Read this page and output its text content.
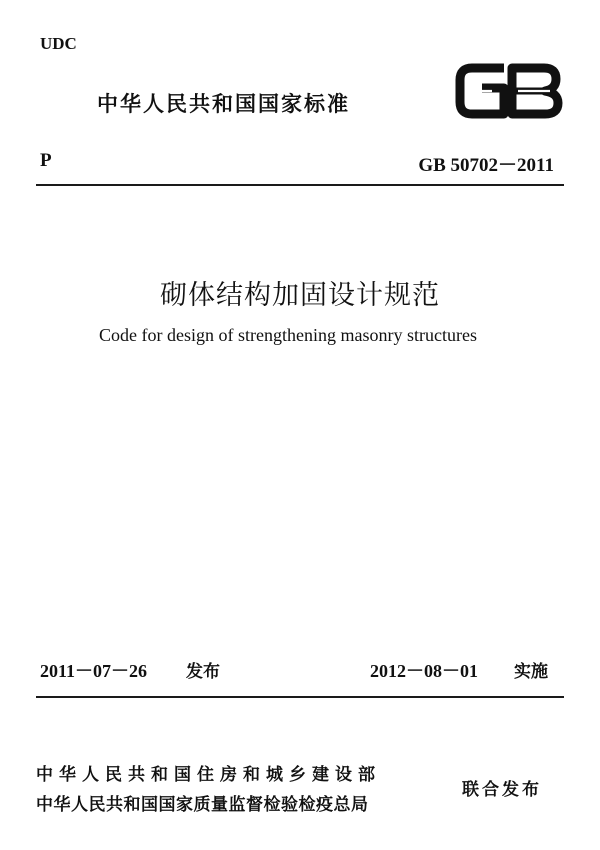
UDC
中华人民共和国国家标准
P	GB 50702－2011
砌体结构加固设计规范
Code for design of strengthening masonry structures
2011－07－26 发布	2012－08－01 实施
中华人民共和国住房和城乡建设部
中华人民共和国国家质量监督检验检疫总局
联合发布
